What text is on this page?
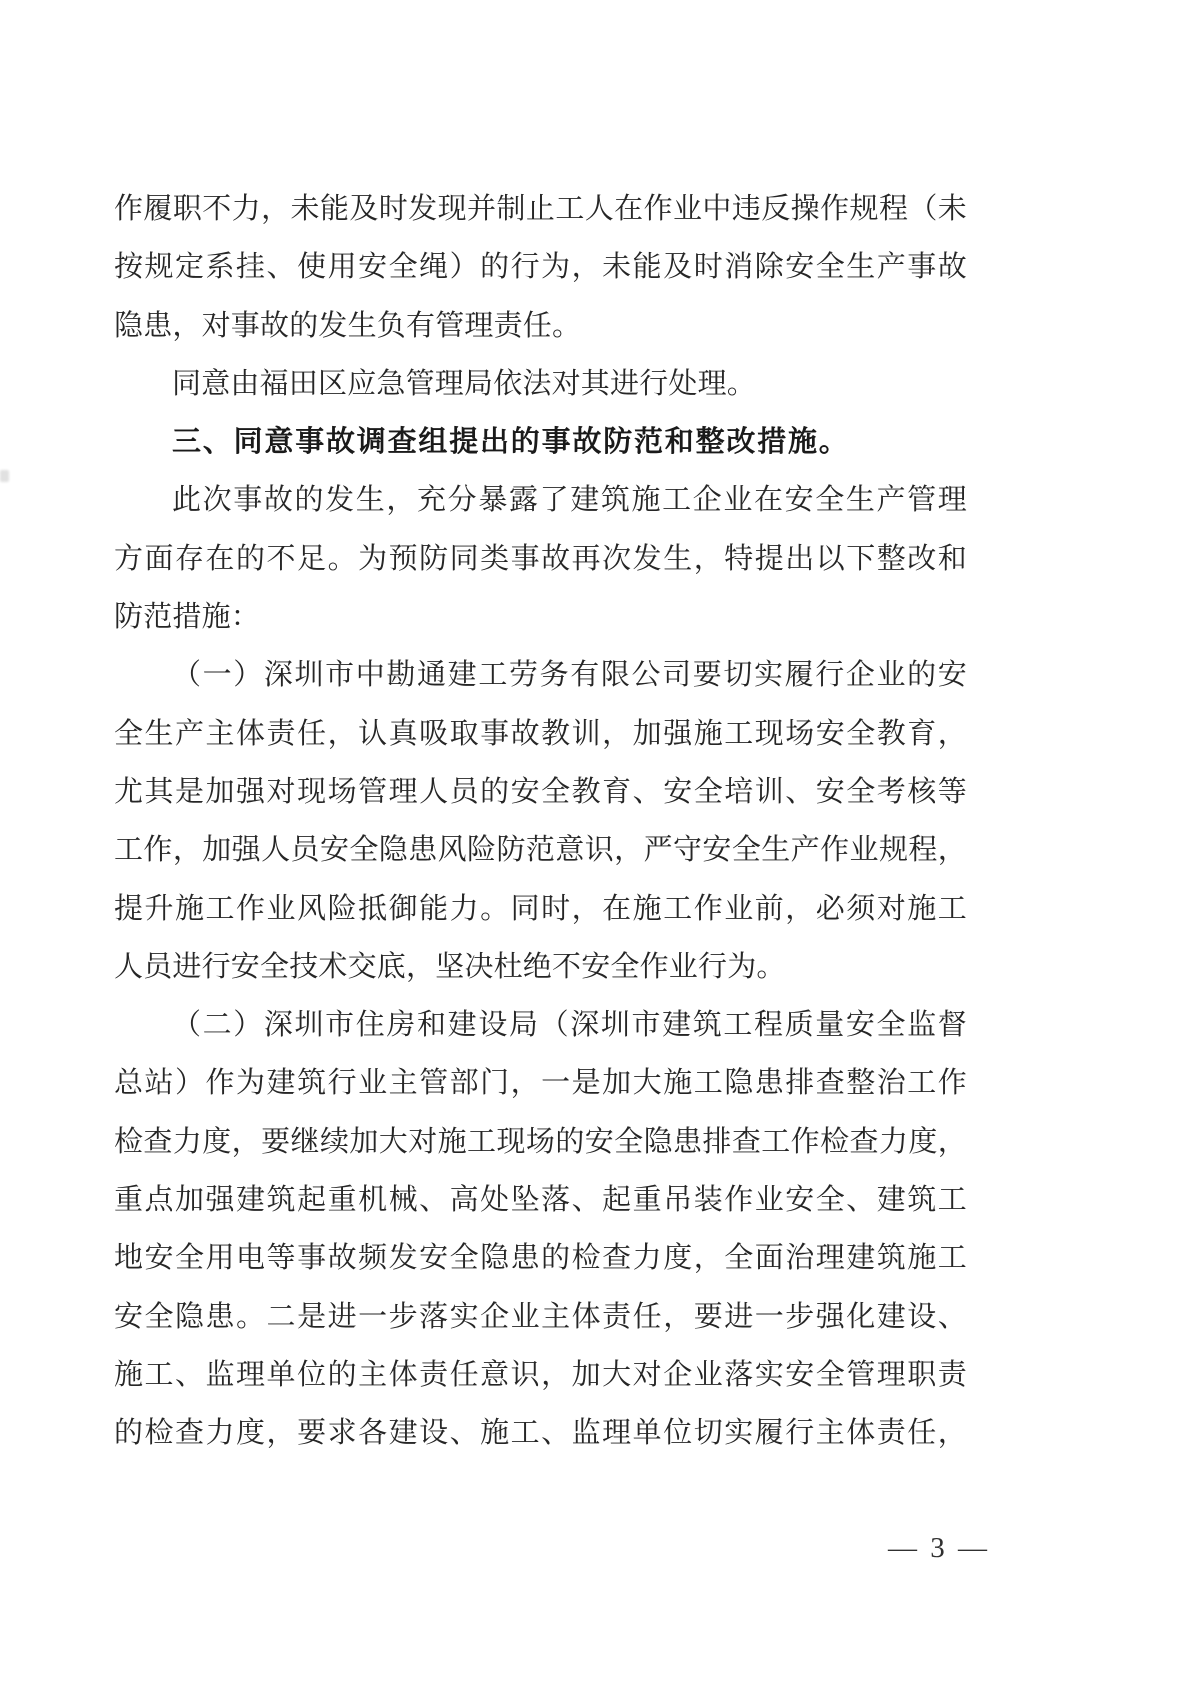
作履职不力，未能及时发现并制止工人在作业中违反操作规程（未
按规定系挂、使用安全绳）的行为，未能及时消除安全生产事故
隐患，对事故的发生负有管理责任。
同意由福田区应急管理局依法对其进行处理。
三、同意事故调查组提出的事故防范和整改措施。
此次事故的发生，充分暴露了建筑施工企业在安全生产管理
方面存在的不足。为预防同类事故再次发生，特提出以下整改和
防范措施：
（一）深圳市中勘通建工劳务有限公司要切实履行企业的安
全生产主体责任，认真吸取事故教训，加强施工现场安全教育，
尤其是加强对现场管理人员的安全教育、安全培训、安全考核等
工作，加强人员安全隐患风险防范意识，严守安全生产作业规程，
提升施工作业风险抵御能力。同时，在施工作业前，必须对施工
人员进行安全技术交底，坚决杜绝不安全作业行为。
（二）深圳市住房和建设局（深圳市建筑工程质量安全监督
总站）作为建筑行业主管部门，一是加大施工隐患排查整治工作
检查力度，要继续加大对施工现场的安全隐患排查工作检查力度，
重点加强建筑起重机械、高处坠落、起重吊装作业安全、建筑工
地安全用电等事故频发安全隐患的检查力度，全面治理建筑施工
安全隐患。二是进一步落实企业主体责任，要进一步强化建设、
施工、监理单位的主体责任意识，加大对企业落实安全管理职责
的检查力度，要求各建设、施工、监理单位切实履行主体责任，
— 3 —
